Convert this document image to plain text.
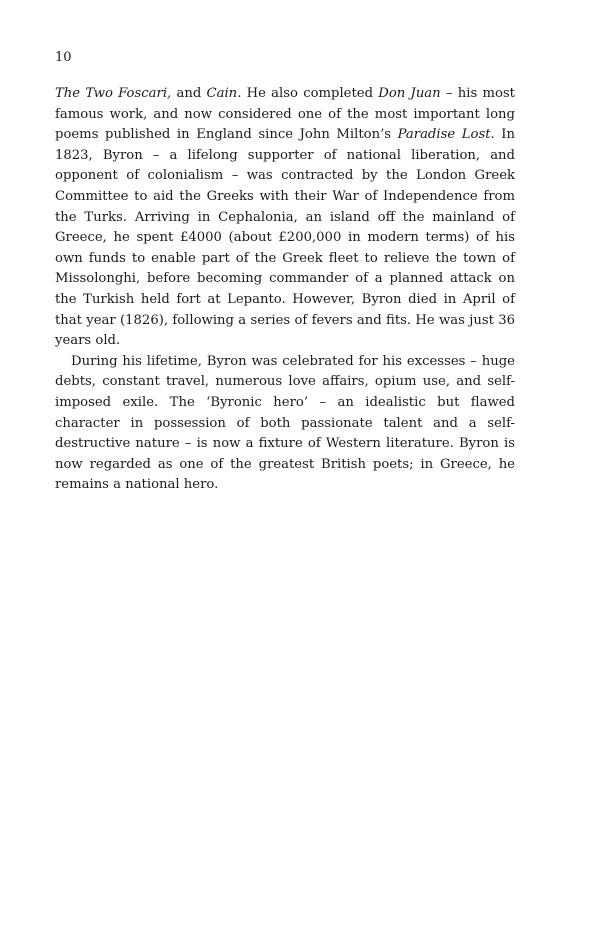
10

The Two Foscari, and Cain. He also completed Don Juan – his most famous work, and now considered one of the most important long poems published in England since John Milton’s Paradise Lost. In 1823, Byron – a lifelong supporter of national liberation, and opponent of colonialism – was contracted by the London Greek Committee to aid the Greeks with their War of Independence from the Turks. Arriving in Cephalonia, an island off the mainland of Greece, he spent £4000 (about £200,000 in modern terms) of his own funds to enable part of the Greek fleet to relieve the town of Missolonghi, before becoming commander of a planned attack on the Turkish held fort at Lepanto. However, Byron died in April of that year (1826), following a series of fevers and fits. He was just 36 years old.

During his lifetime, Byron was celebrated for his excesses – huge debts, constant travel, numerous love affairs, opium use, and self-imposed exile. The ‘Byronic hero’ – an idealistic but flawed character in possession of both passionate talent and a self-destructive nature – is now a fixture of Western literature. Byron is now regarded as one of the greatest British poets; in Greece, he remains a national hero.
